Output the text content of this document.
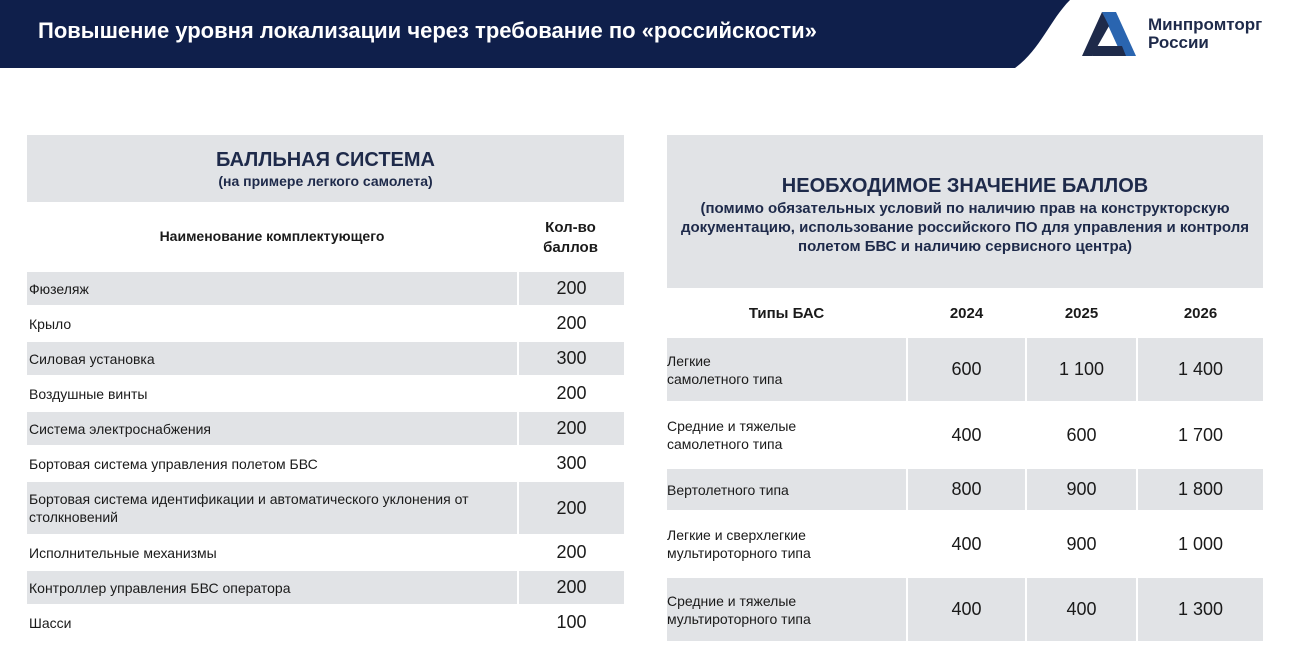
Повышение уровня локализации через требование по «российскости»	Минпромторг
России
БАЛЛЬНАЯ СИСТЕМА
(на примере легкого самолета)
Наименование комплектующего	Кол-во
баллов
Фюзеляж	200
Крыло	200
Силовая установка	300
Воздушные винты	200
Система электроснабжения	200
Бортовая система управления полетом БВС	300
Бортовая система идентификации и автоматического уклонения от столкновений	200
Исполнительные механизмы	200
Контроллер управления БВС оператора	200
Шасси	100
НЕОБХОДИМОЕ ЗНАЧЕНИЕ БАЛЛОВ
(помимо обязательных условий по наличию прав на конструкторскую документацию, использование российского ПО для управления и контроля полетом БВС и наличию сервисного центра)
Типы БАС	2024	2025	2026
Легкие
самолетного типа	600	1 100	1 400
Средние и тяжелые
самолетного типа	400	600	1 700
Вертолетного типа	800	900	1 800
Легкие и сверхлегкие
мультироторного типа	400	900	1 000
Средние и тяжелые
мультироторного типа	400	400	1 300
